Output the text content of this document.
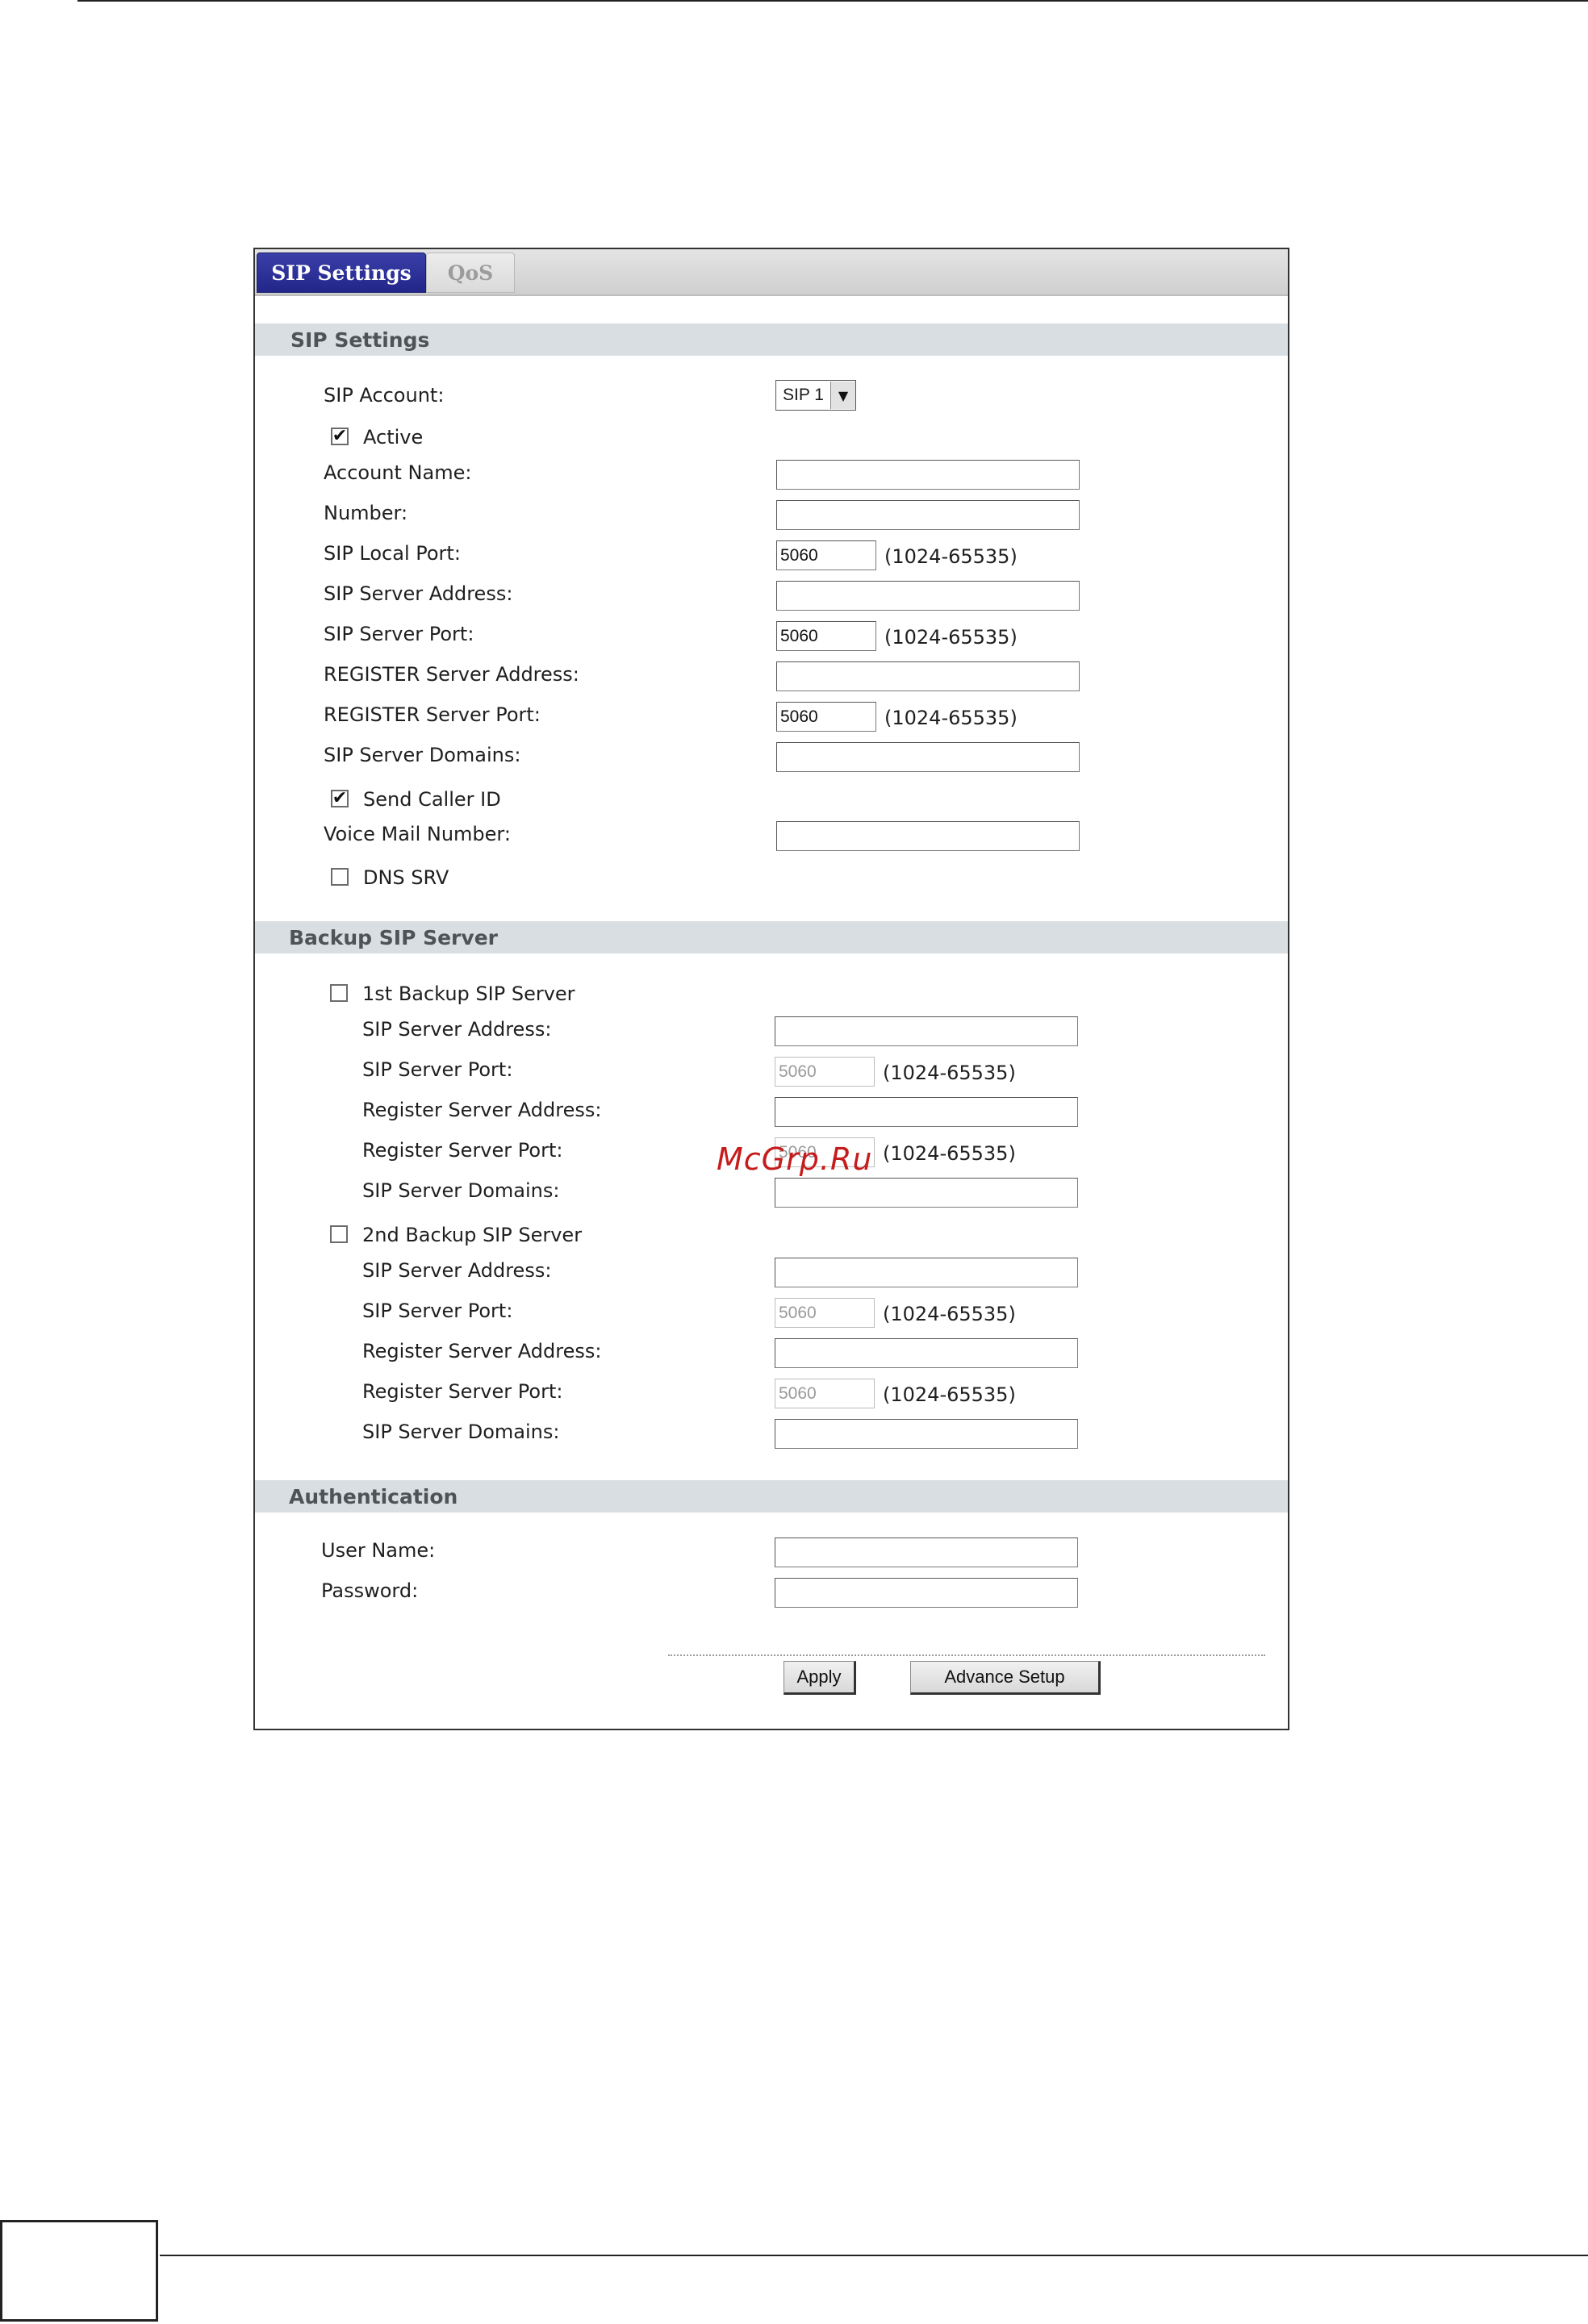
SIP Settings	QoS
SIP Settings
SIP Account:	SIP 1	▼
✔ Active
Account Name:
Number:
SIP Local Port:
5060	(1024-65535)
SIP Server Address:
SIP Server Port:
5060	(1024-65535)
REGISTER Server Address:
REGISTER Server Port:
5060	(1024-65535)
SIP Server Domains:
✔ Send Caller ID
Voice Mail Number:
DNS SRV
Backup SIP Server
1st Backup SIP Server
SIP Server Address:
SIP Server Port:
5060	(1024-65535)
Register Server Address:
Register Server Port:
5060	(1024-65535)
SIP Server Domains:
2nd Backup SIP Server
SIP Server Address:
SIP Server Port:
5060	(1024-65535)
Register Server Address:
Register Server Port:
5060	(1024-65535)
SIP Server Domains:
Authentication
User Name:
Password:
Apply	Advance Setup
McGrp.Ru
